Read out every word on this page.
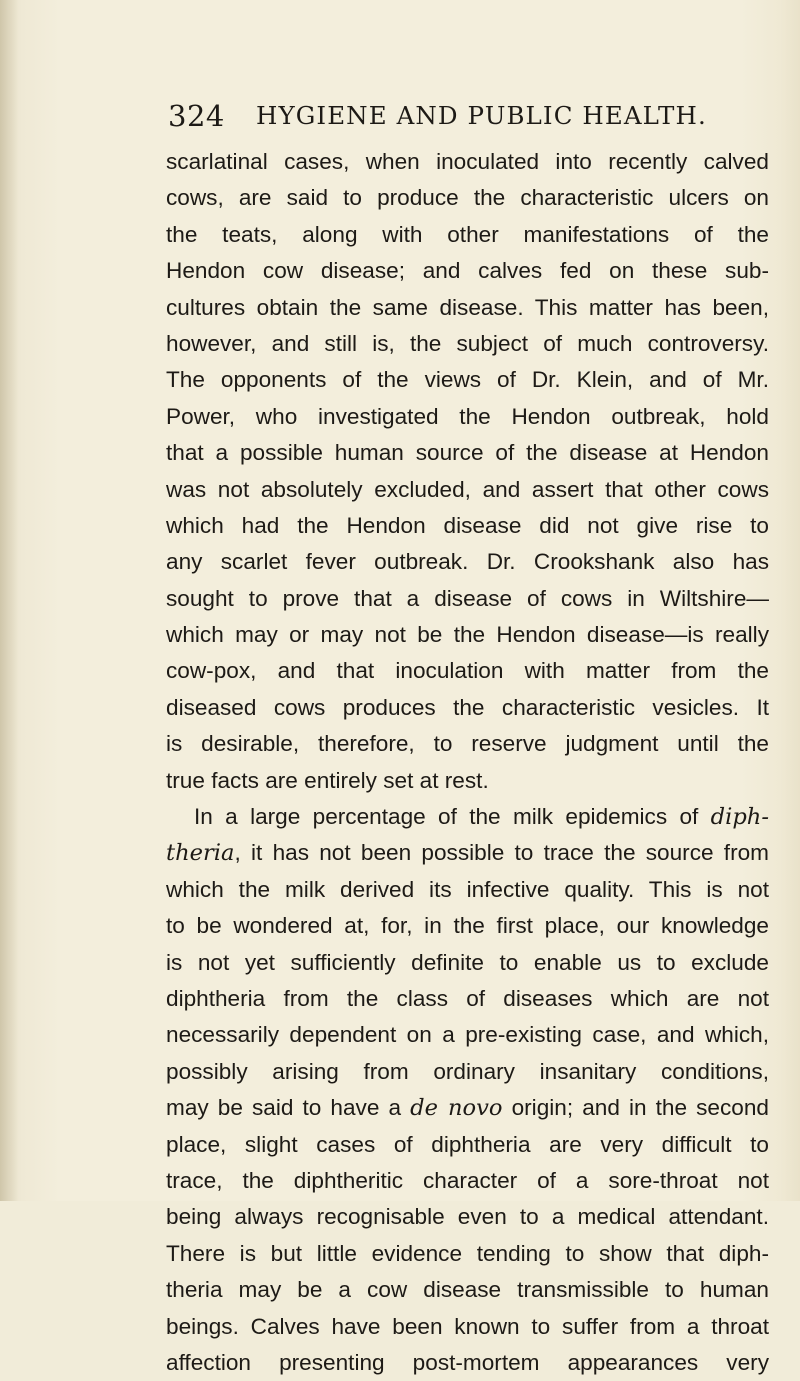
324 HYGIENE AND PUBLIC HEALTH.
scarlatinal cases, when inoculated into recently calved
cows, are said to produce the characteristic ulcers on
the teats, along with other manifestations of the
Hendon cow disease; and calves fed on these sub-
cultures obtain the same disease. This matter has been,
however, and still is, the subject of much controversy.
The opponents of the views of Dr. Klein, and of Mr.
Power, who investigated the Hendon outbreak, hold
that a possible human source of the disease at Hendon
was not absolutely excluded, and assert that other cows
which had the Hendon disease did not give rise to
any scarlet fever outbreak. Dr. Crookshank also has
sought to prove that a disease of cows in Wiltshire—
which may or may not be the Hendon disease—is really
cow-pox, and that inoculation with matter from the
diseased cows produces the characteristic vesicles. It
is desirable, therefore, to reserve judgment until the
true facts are entirely set at rest.
In a large percentage of the milk epidemics of diph-
theria, it has not been possible to trace the source from
which the milk derived its infective quality. This is not
to be wondered at, for, in the first place, our knowledge
is not yet sufficiently definite to enable us to exclude
diphtheria from the class of diseases which are not
necessarily dependent on a pre-existing case, and which,
possibly arising from ordinary insanitary conditions,
may be said to have a de novo origin; and in the second
place, slight cases of diphtheria are very difficult to
trace, the diphtheritic character of a sore-throat not
being always recognisable even to a medical attendant.
There is but little evidence tending to show that diph-
theria may be a cow disease transmissible to human
beings. Calves have been known to suffer from a throat
affection presenting post-mortem appearances very
